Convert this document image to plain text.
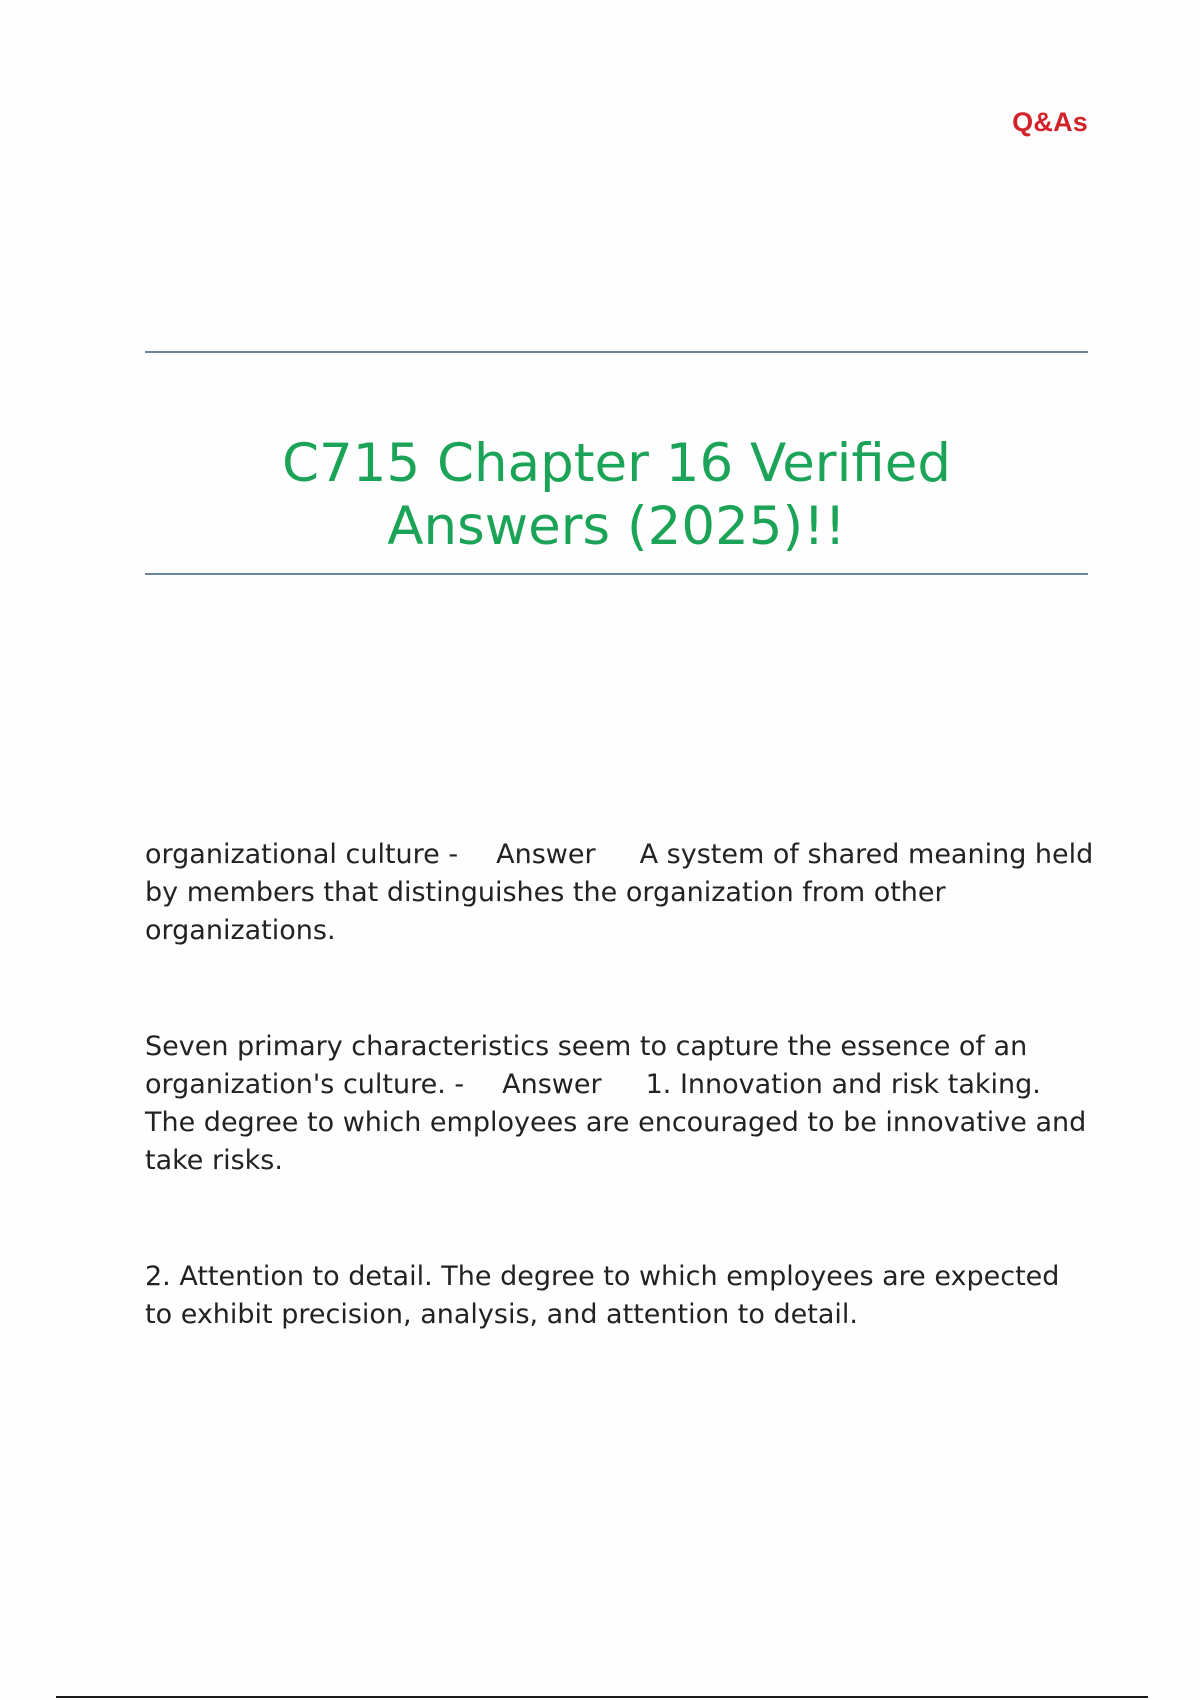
Q&As
C715 Chapter 16 Verified
Answers (2025)!!

organizational culture - Answer A system of shared meaning held by members that distinguishes the organization from other organizations.

Seven primary characteristics seem to capture the essence of an organization's culture. - Answer 1. Innovation and risk taking. The degree to which employees are encouraged to be innovative and take risks.

2. Attention to detail. The degree to which employees are expected to exhibit precision, analysis, and attention to detail.
